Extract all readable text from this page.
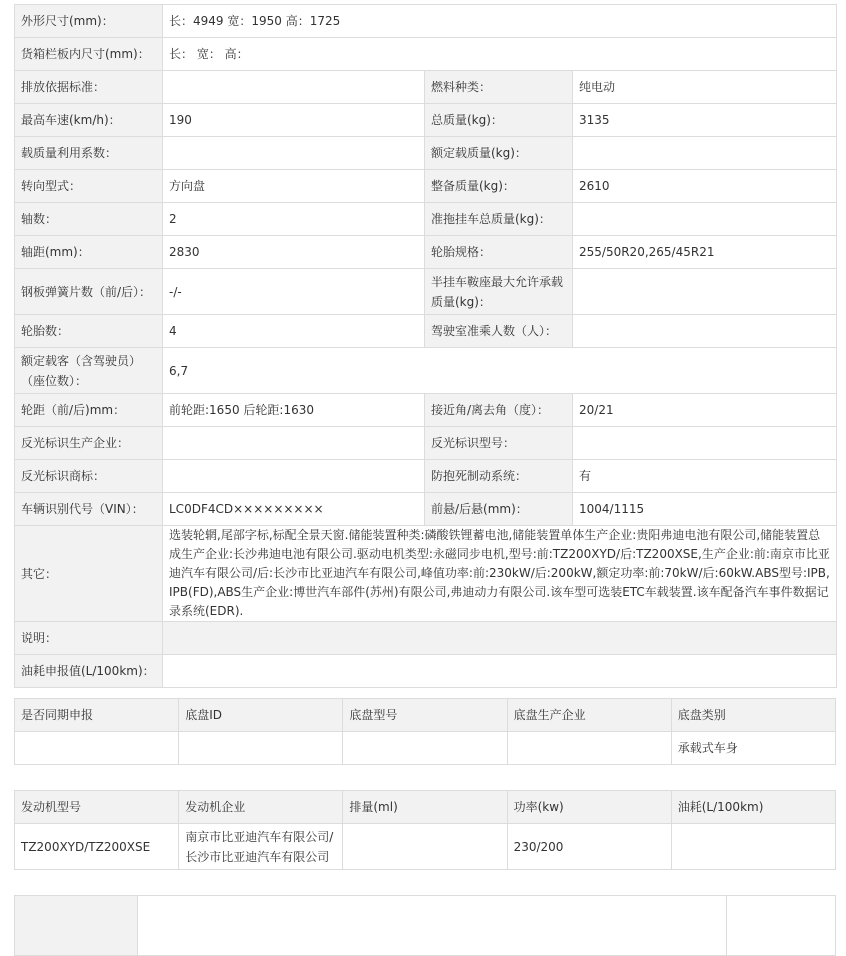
外形尺寸(mm)：	长：4949 宽：1950 高：1725		
货箱栏板内尺寸(mm)：	长： 宽： 高：		
排放依据标准：		燃料种类：	纯电动
最高车速(km/h)：	190	总质量(kg)：	3135
载质量利用系数：		额定载质量(kg)：	
转向型式：	方向盘	整备质量(kg)：	2610
轴数：	2	准拖挂车总质量(kg)：	
轴距(mm)：	2830	轮胎规格：	255/50R20,265/45R21
钢板弹簧片数（前/后）：	-/-	半挂车鞍座最大允许承载质量(kg)：	
轮胎数：	4	驾驶室准乘人数（人）：	
额定载客（含驾驶员）（座位数）：	6,7		
轮距（前/后)mm：	前轮距:1650 后轮距:1630	接近角/离去角（度）：	20/21
反光标识生产企业：		反光标识型号：	
反光标识商标：		防抱死制动系统：	有
车辆识别代号（VIN）：	LC0DF4CD×××××××××	前悬/后悬(mm)：	1004/1115
其它：	选装轮辋,尾部字标,标配全景天窗.储能装置种类:磷酸铁锂蓄电池,储能装置单体生产企业:贵阳弗迪电池有限公司,储能装置总成生产企业:长沙弗迪电池有限公司.驱动电机类型:永磁同步电机,型号:前:TZ200XYD/后:TZ200XSE,生产企业:前:南京市比亚迪汽车有限公司/后:长沙市比亚迪汽车有限公司,峰值功率:前:230kW/后:200kW,额定功率:前:70kW/后:60kW.ABS型号:IPB,IPB(FD),ABS生产企业:博世汽车部件(苏州)有限公司,弗迪动力有限公司.该车型可选装ETC车载装置.该车配备汽车事件数据记录系统(EDR).		
说明：			
油耗申报值(L/100km)：			
是否同期申报	底盘ID	底盘型号	底盘生产企业	底盘类别
				承载式车身
发动机型号	发动机企业	排量(ml)	功率(kw)	油耗(L/100km)
TZ200XYD/TZ200XSE	南京市比亚迪汽车有限公司/长沙市比亚迪汽车有限公司		230/200	
